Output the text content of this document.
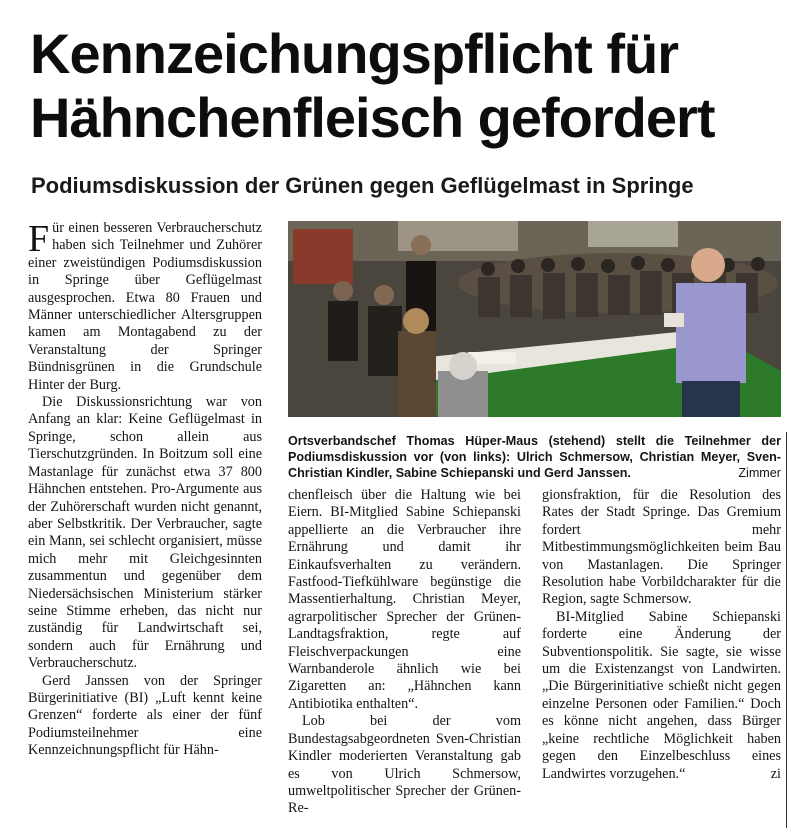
Kennzeichungspflicht für
Hähnchenfleisch gefordert
Podiumsdiskussion der Grünen gegen Geflügelmast in Springe

Für einen besseren Verbraucherschutz haben sich Teilnehmer und Zuhörer einer zweistündigen Podiumsdiskussion in Springe über Geflügelmast ausgesprochen. Etwa 80 Frauen und Männer unterschiedlicher Altersgruppen kamen am Montagabend zu der Veranstaltung der Springer Bündnisgrünen in die Grundschule Hinter der Burg.

Die Diskussionsrichtung war von Anfang an klar: Keine Geflügelmast in Springe, schon allein aus Tierschutzgründen. In Boitzum soll eine Mastanlage für zunächst etwa 37 800 Hähnchen entstehen. Pro-Argumente aus der Zuhörerschaft wurden nicht genannt, aber Selbstkritik. Der Verbraucher, sagte ein Mann, sei schlecht organisiert, müsse mich mehr mit Gleichgesinnten zusammentun und gegenüber dem Niedersächsischen Ministerium stärker seine Stimme erheben, das nicht nur zuständig für Landwirtschaft sei, sondern auch für Ernährung und Verbraucherschutz.

Gerd Janssen von der Springer Bürgerinitiative (BI) „Luft kennt keine Grenzen“ forderte als einer der fünf Podiumsteilnehmer eine Kennzeichnungspflicht für Hähn-

Ortsverbandschef Thomas Hüper-Maus (stehend) stellt die Teilnehmer der Podiumsdiskussion vor (von links): Ulrich Schmersow, Christian Meyer, Sven-Christian Kindler, Sabine Schiepanski und Gerd Janssen.	Zimmer

chenfleisch über die Haltung wie bei Eiern. BI-Mitglied Sabine Schiepanski appellierte an die Verbraucher ihre Ernährung und damit ihr Einkaufsverhalten zu verändern. Fastfood-Tiefkühlware begünstige die Massentierhaltung. Christian Meyer, agrarpolitischer Sprecher der Grünen-Landtagsfraktion, regte auf Fleischverpackungen eine Warnbanderole ähnlich wie bei Zigaretten an: „Hähnchen kann Antibiotika enthalten“.

Lob bei der vom Bundestagsabgeordneten Sven-Christian Kindler moderierten Veranstaltung gab es von Ulrich Schmersow, umweltpolitischer Sprecher der Grünen-Re-

gionsfraktion, für die Resolution des Rates der Stadt Springe. Das Gremium fordert mehr Mitbestimmungsmöglichkeiten beim Bau von Mastanlagen. Die Springer Resolution habe Vorbildcharakter für die Region, sagte Schmersow.

BI-Mitglied Sabine Schiepanski forderte eine Änderung der Subventionspolitik. Sie sagte, sie wisse um die Existenzangst von Landwirten. „Die Bürgerinitiative schießt nicht gegen einzelne Personen oder Familien.“ Doch es könne nicht angehen, dass Bürger „keine rechtliche Möglichkeit haben gegen den Einzelbeschluss eines Landwirtes vorzugehen.“	zi
